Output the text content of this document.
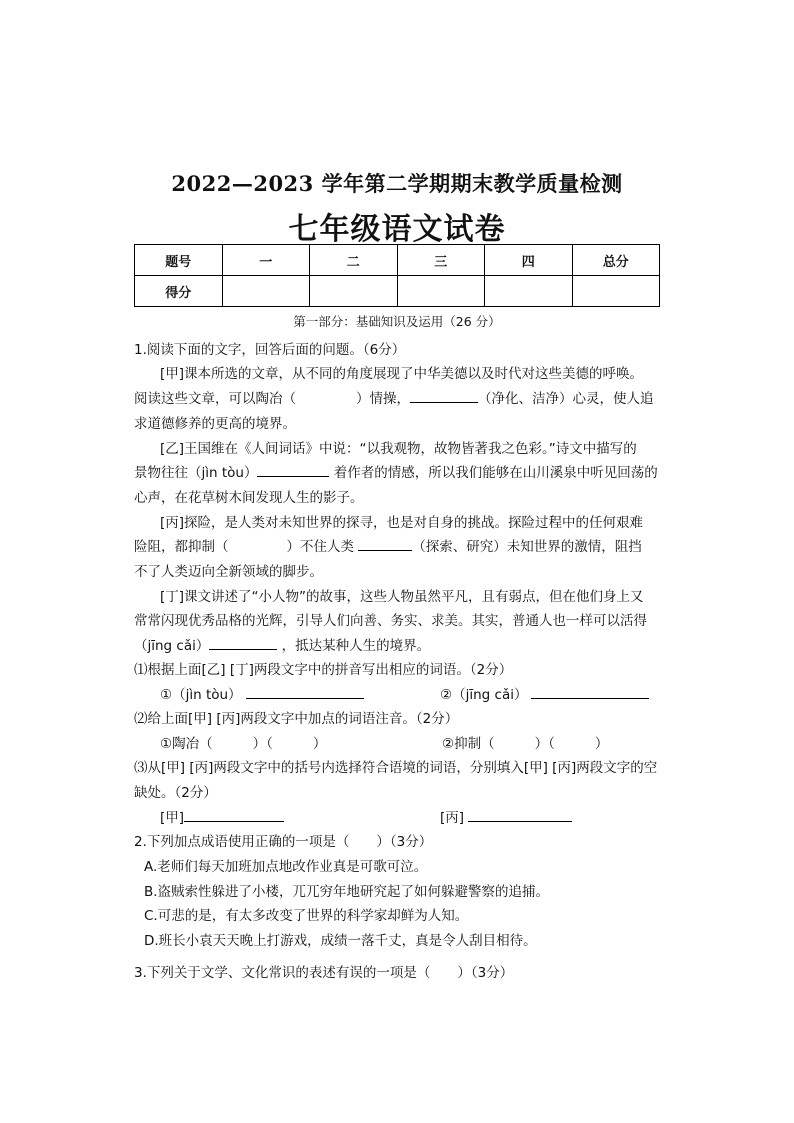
2022—2023 学年第二学期期末教学质量检测
七年级语文试卷
题号	一	二	三	四	总分
得分					
第一部分：基础知识及运用（26 分）
1.阅读下面的文字，回答后面的问题。（6分）
[甲]课本所选的文章，从不同的角度展现了中华美德以及时代对这些美德的呼唤。
阅读这些文章，可以陶冶（	）情操，	（净化、洁净）心灵，使人追
求道德修养的更高的境界。
[乙]王国维在《人间词话》中说：“以我观物，故物皆著我之色彩。”诗文中描写的
景物往往（jìn tòu）	着作者的情感，所以我们能够在山川溪泉中听见回荡的
心声，在花草树木间发现人生的影子。
[丙]探险，是人类对未知世界的探寻，也是对自身的挑战。探险过程中的任何艰难
险阻，都抑制（	）不住人类	（探索、研究）未知世界的激情，阻挡
不了人类迈向全新领域的脚步。
[丁]课文讲述了“小人物”的故事，这些人物虽然平凡，且有弱点，但在他们身上又
常常闪现优秀品格的光辉，引导人们向善、务实、求美。其实，普通人也一样可以活得
（jīng cǎi）	，抵达某种人生的境界。
⑴根据上面[乙] [丁]两段文字中的拼音写出相应的词语。（2分）
①（jìn tòu）	②（jīng cǎi）
⑵给上面[甲] [丙]两段文字中加点的词语注音。（2分）
①陶冶（	）（	）	②抑制（	）（	）
⑶从[甲] [丙]两段文字中的括号内选择符合语境的词语，分别填入[甲] [丙]两段文字的空
缺处。（2分）
[甲]	[丙]
2.下列加点成语使用正确的一项是（　　）（3分）
A.老师们每天加班加点地改作业真是可歌可泣。
B.盗贼索性躲进了小楼，兀兀穷年地研究起了如何躲避警察的追捕。
C.可悲的是，有太多改变了世界的科学家却鲜为人知。
D.班长小袁天天晚上打游戏，成绩一落千丈，真是令人刮目相待。
3.下列关于文学、文化常识的表述有误的一项是（　　）（3分）
